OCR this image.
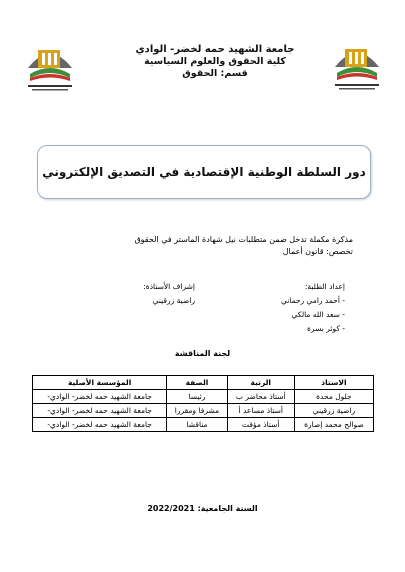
جامعة الشهيد حمه لخضر- الوادي
كلية الحقوق والعلوم السياسية
قسم: الحقوق
دور السلطة الوطنية الإقتصادية في التصديق الإلكتروني
مذكرة مكملة تدخل ضمن متطلبات نيل شهادة الماستر في الحقوق
تخصص: قانون أعمال
إعداد الطلبة:
- أحمد رامي رحماني
- سعد الله مالكي
- كوثر بسرة
إشراف الأستاذة:
راضية زرقيني
لجنة المناقشة
الاستاذ	الرتبة	الصفة	المؤسسة الأصلية
جلول محدة	أستاذ محاضر ب	رئيسا	جامعة الشهيد حمه لخضر- الوادي-
راضية زرقيني	أستاذ مساعد أ	مشرفا ومقررا	جامعة الشهيد حمه لخضر- الوادي-
صوالح محمد إصارة	أستاذ مؤقت	مناقشا	جامعة الشهيد حمه لخضر- الوادي-
السنة الجامعية: 2022/2021
